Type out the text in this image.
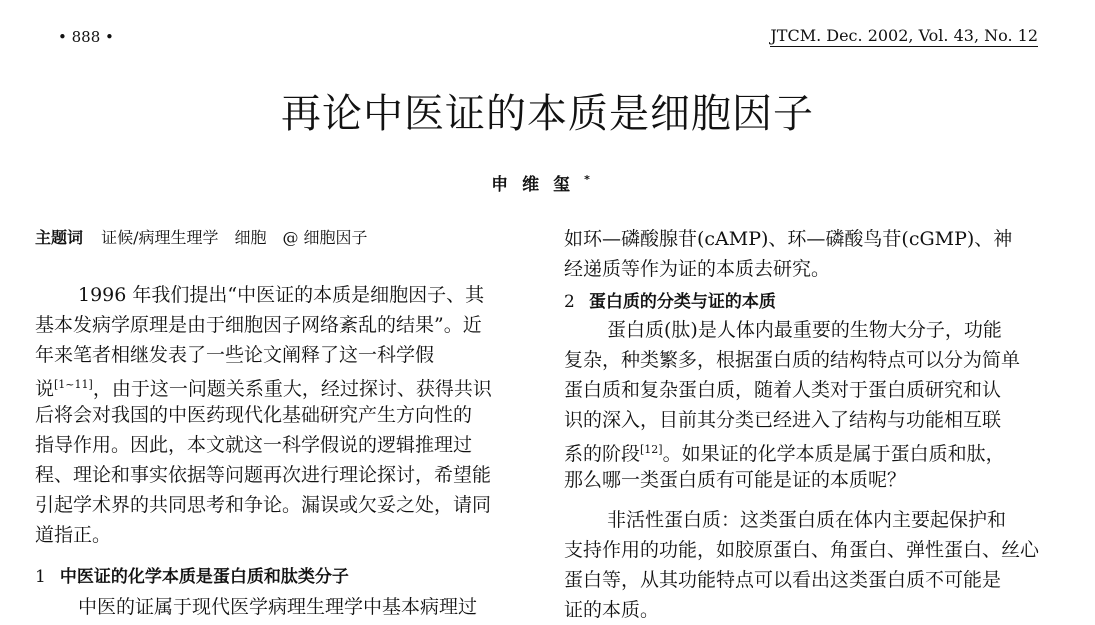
• 888 •	JTCM. Dec. 2002, Vol. 43, No. 12
再论中医证的本质是细胞因子
申维玺*
主题词 证候/病理生理学　细胞　@ 细胞因子
1996 年我们提出“中医证的本质是细胞因子、其
基本发病学原理是由于细胞因子网络紊乱的结果”。近
年来笔者相继发表了一些论文阐释了这一科学假
说[1~11]，由于这一问题关系重大，经过探讨、获得共识
后将会对我国的中医药现代化基础研究产生方向性的
指导作用。因此，本文就这一科学假说的逻辑推理过
程、理论和事实依据等问题再次进行理论探讨，希望能
引起学术界的共同思考和争论。漏误或欠妥之处，请同
道指正。
1 中医证的化学本质是蛋白质和肽类分子
中医的证属于现代医学病理生理学中基本病理过
如环—磷酸腺苷(cAMP)、环—磷酸鸟苷(cGMP)、神
经递质等作为证的本质去研究。
2 蛋白质的分类与证的本质
蛋白质(肽)是人体内最重要的生物大分子，功能
复杂，种类繁多，根据蛋白质的结构特点可以分为简单
蛋白质和复杂蛋白质，随着人类对于蛋白质研究和认
识的深入，目前其分类已经进入了结构与功能相互联
系的阶段[12]。如果证的化学本质是属于蛋白质和肽，
那么哪一类蛋白质有可能是证的本质呢？
非活性蛋白质：这类蛋白质在体内主要起保护和
支持作用的功能，如胶原蛋白、角蛋白、弹性蛋白、丝心
蛋白等，从其功能特点可以看出这类蛋白质不可能是
证的本质。
